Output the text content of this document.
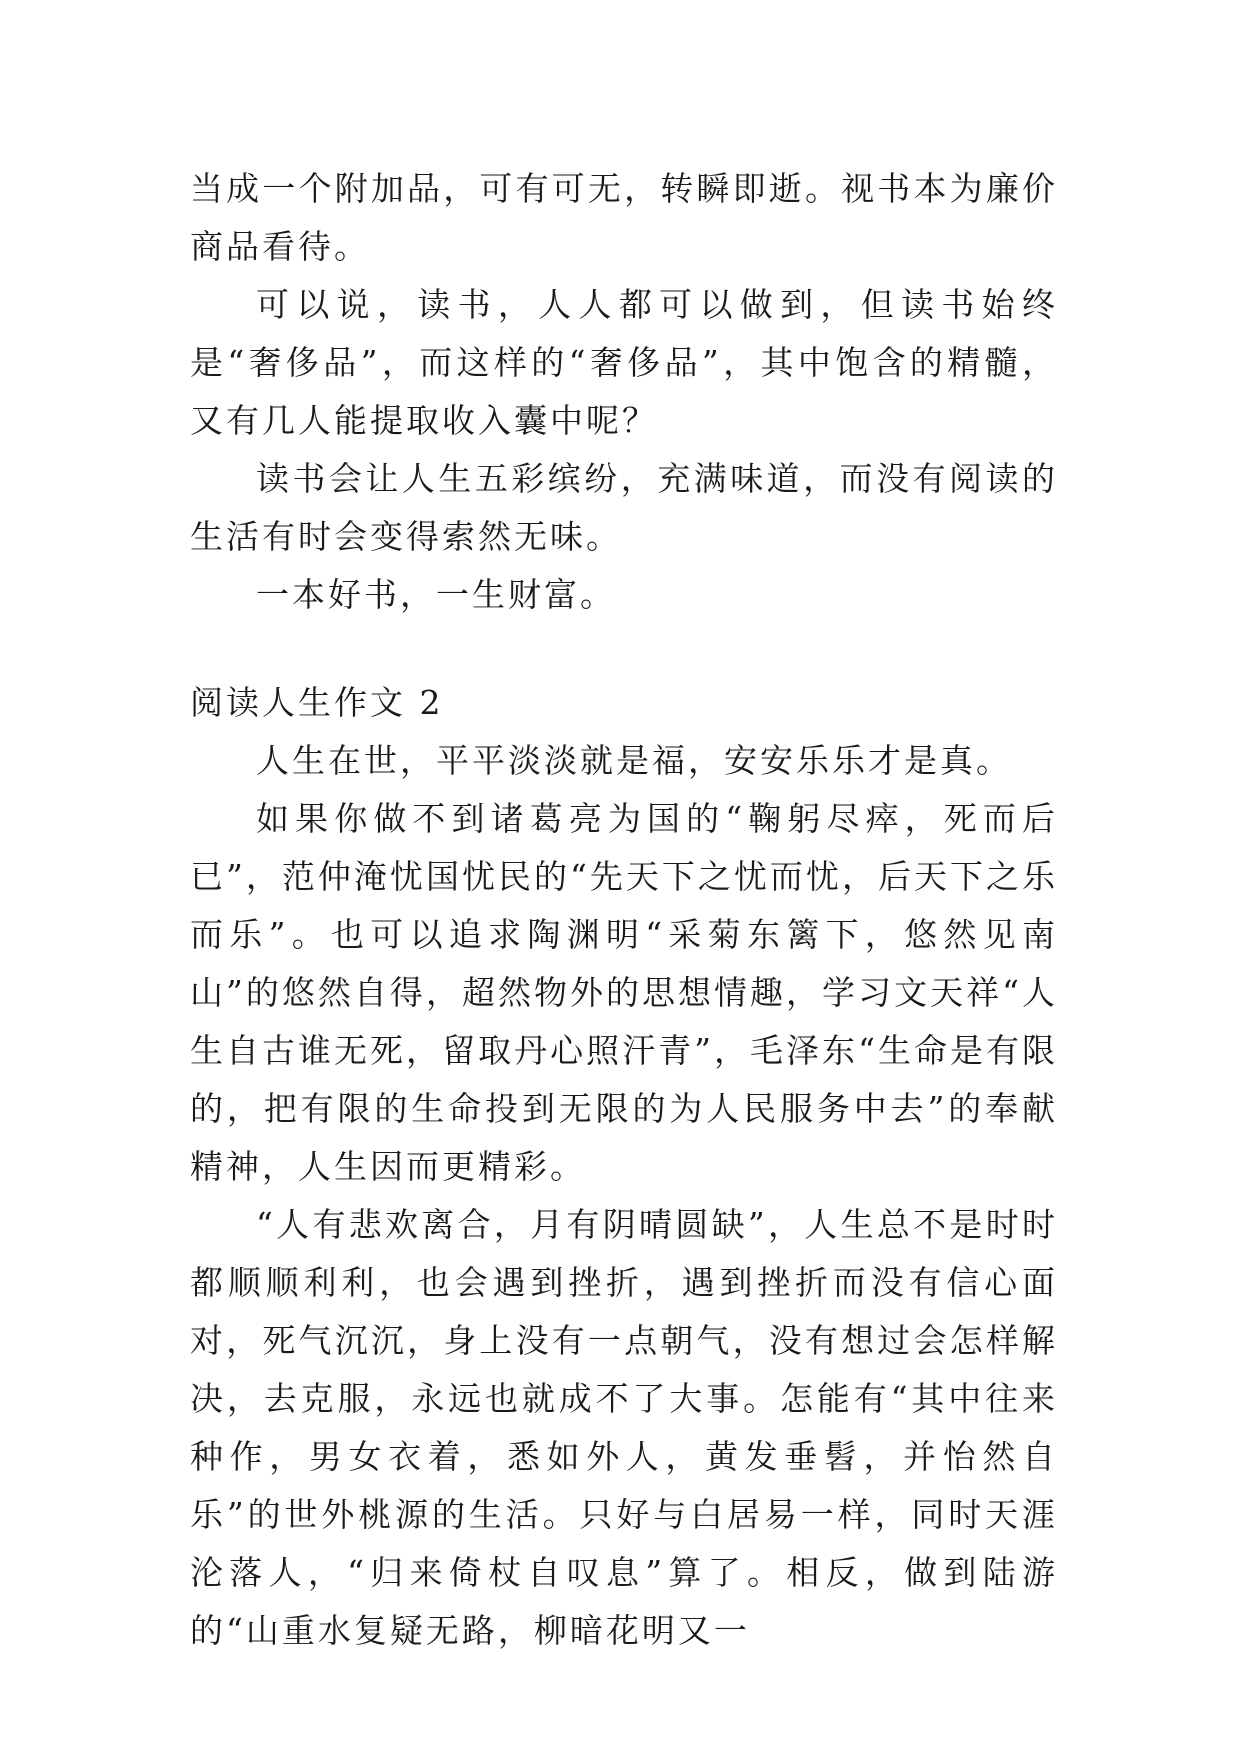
当成一个附加品，可有可无，转瞬即逝。视书本为廉价商品看待。

可以说，读书，人人都可以做到，但读书始终是“奢侈品”，而这样的“奢侈品”，其中饱含的精髓，又有几人能提取收入囊中呢？

读书会让人生五彩缤纷，充满味道，而没有阅读的生活有时会变得索然无味。

一本好书，一生财富。

阅读人生作文 2

人生在世，平平淡淡就是福，安安乐乐才是真。

如果你做不到诸葛亮为国的“鞠躬尽瘁，死而后已”，范仲淹忧国忧民的“先天下之忧而忧，后天下之乐而乐”。也可以追求陶渊明“采菊东篱下，悠然见南山”的悠然自得，超然物外的思想情趣，学习文天祥“人生自古谁无死，留取丹心照汗青”，毛泽东“生命是有限的，把有限的生命投到无限的为人民服务中去”的奉献精神，人生因而更精彩。

“人有悲欢离合，月有阴晴圆缺”，人生总不是时时都顺顺利利，也会遇到挫折，遇到挫折而没有信心面对，死气沉沉，身上没有一点朝气，没有想过会怎样解决，去克服，永远也就成不了大事。怎能有“其中往来种作，男女衣着，悉如外人，黄发垂髫，并怡然自乐”的世外桃源的生活。只好与白居易一样，同时天涯沦落人，“归来倚杖自叹息”算了。相反，做到陆游的“山重水复疑无路，柳暗花明又一
